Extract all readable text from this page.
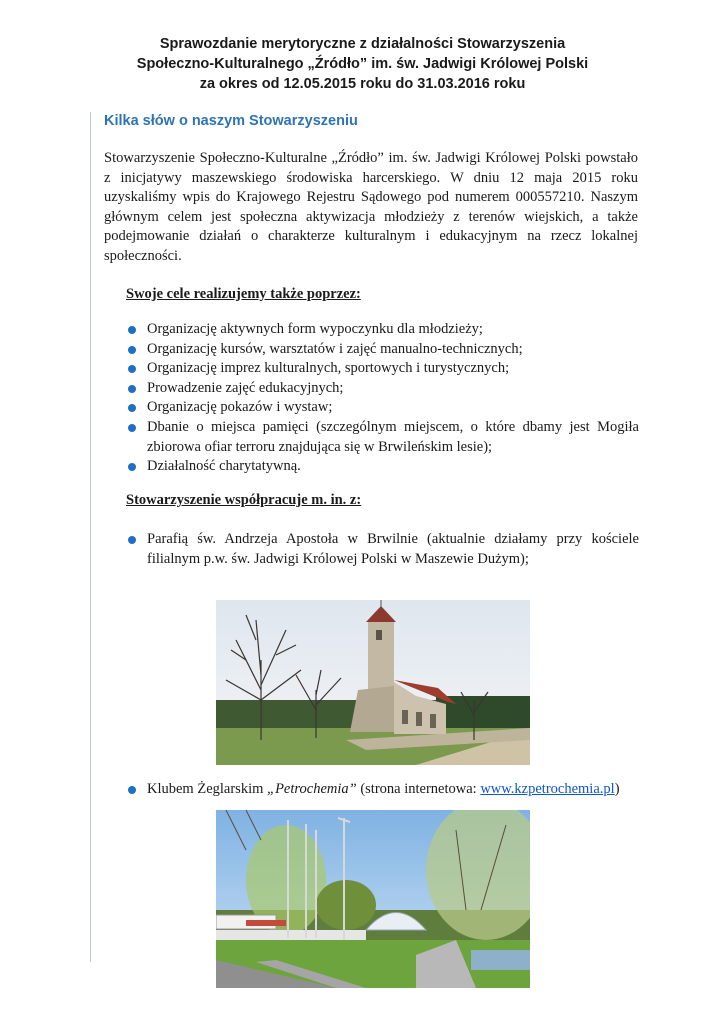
Sprawozdanie merytoryczne z działalności Stowarzyszenia
Społeczno-Kulturalnego „Źródło” im. św. Jadwigi Królowej Polski
za okres od 12.05.2015 roku do 31.03.2016 roku
Kilka słów o naszym Stowarzyszeniu
Stowarzyszenie Społeczno-Kulturalne „Źródło” im. św. Jadwigi Królowej Polski powstało z inicjatywy maszewskiego środowiska harcerskiego. W dniu 12 maja 2015 roku uzyskaliśmy wpis do Krajowego Rejestru Sądowego pod numerem 000557210. Naszym głównym celem jest społeczna aktywizacja młodzieży z terenów wiejskich, a także podejmowanie działań o charakterze kulturalnym i edukacyjnym na rzecz lokalnej społeczności.
Swoje cele realizujemy także poprzez:
Organizację aktywnych form wypoczynku dla młodzieży;
Organizację kursów, warsztatów i zajęć manualno-technicznych;
Organizację imprez kulturalnych, sportowych i turystycznych;
Prowadzenie zajęć edukacyjnych;
Organizację pokazów i wystaw;
Dbanie o miejsca pamięci (szczególnym miejscem, o które dbamy jest Mogiła zbiorowa ofiar terroru znajdująca się w Brwileńskim lesie);
Działalność charytatywną.
Stowarzyszenie współpracuje m. in. z:
Parafią św. Andrzeja Apostoła w Brwilnie (aktualnie działamy przy kościele filialnym p.w. św. Jadwigi Królowej Polski w Maszewie Dużym);
Klubem Żeglarskim „Petrochemia” (strona internetowa: www.kzpetrochemia.pl)
